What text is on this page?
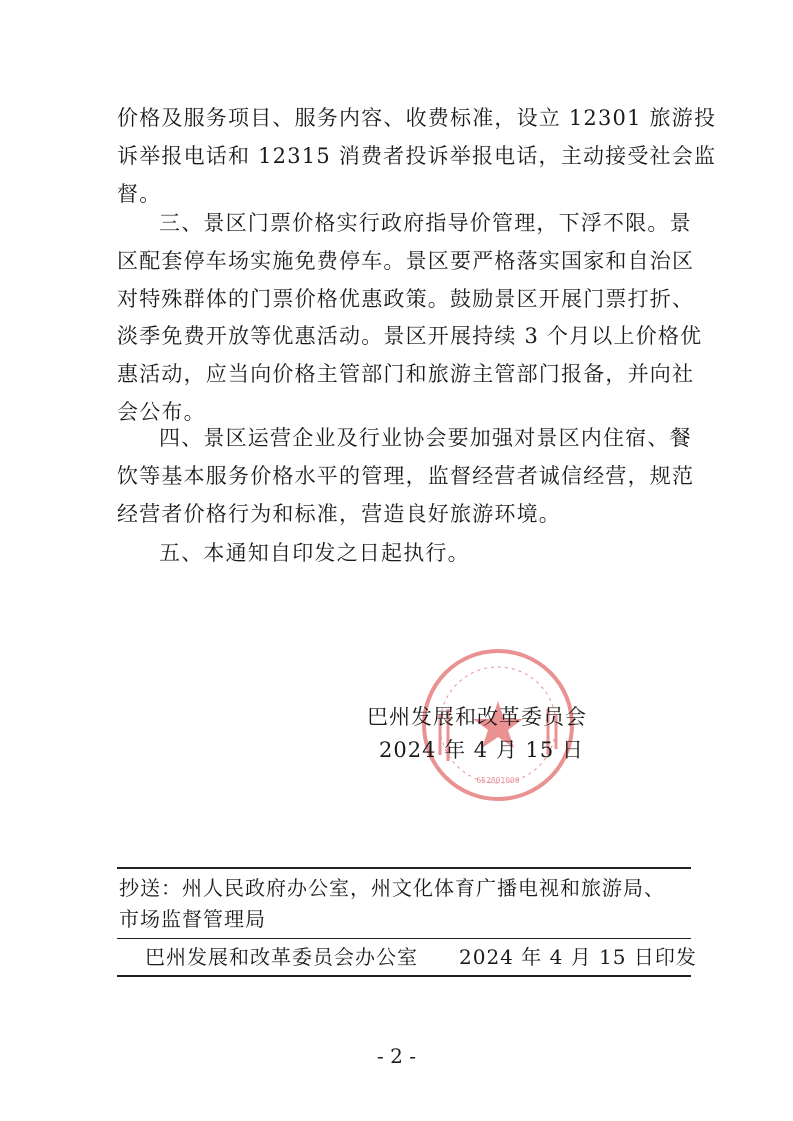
价格及服务项目、服务内容、收费标准，设立 12301 旅游投

诉举报电话和 12315 消费者投诉举报电话，主动接受社会监

督。

三、景区门票价格实行政府指导价管理，下浮不限。景

区配套停车场实施免费停车。景区要严格落实国家和自治区

对特殊群体的门票价格优惠政策。鼓励景区开展门票打折、

淡季免费开放等优惠活动。景区开展持续 3 个月以上价格优

惠活动，应当向价格主管部门和旅游主管部门报备，并向社

会公布。

四、景区运营企业及行业协会要加强对景区内住宿、餐

饮等基本服务价格水平的管理，监督经营者诚信经营，规范

经营者价格行为和标准，营造良好旅游环境。

五、本通知自印发之日起执行。

652801000
巴州发展和改革委员会
2024 年 4 月 15 日
抄送：州人民政府办公室，州文化体育广播电视和旅游局、
市场监督管理局
巴州发展和改革委员会办公室 2024 年 4 月 15 日印发
- 2 -
